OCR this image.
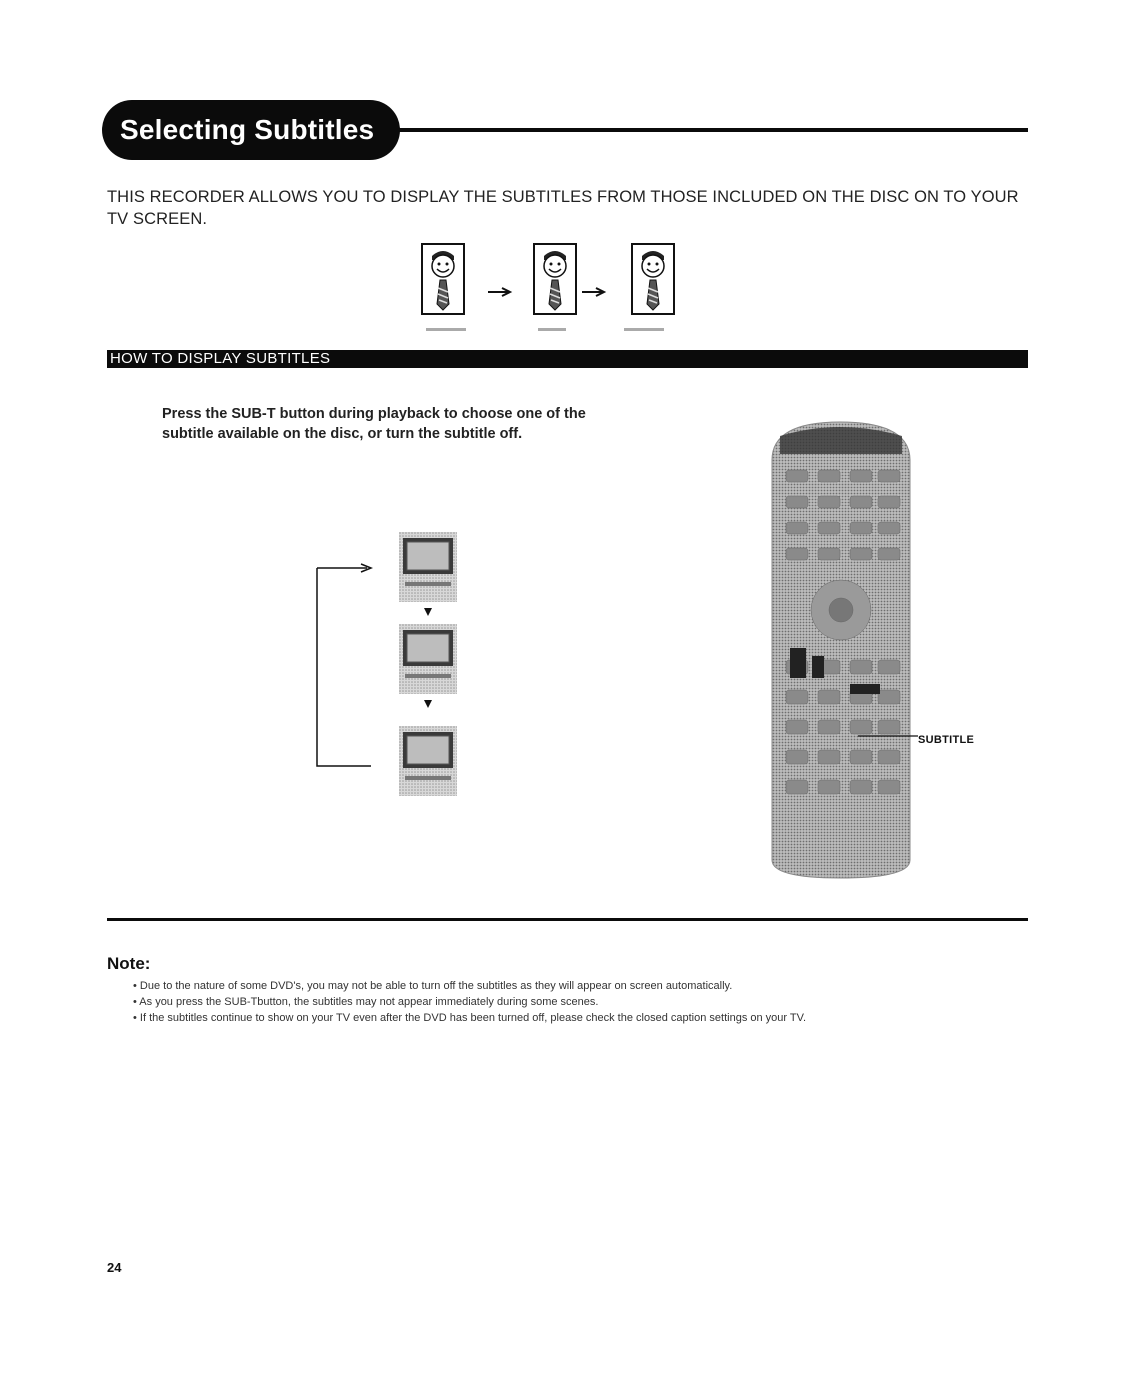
Selecting Subtitles
THIS RECORDER ALLOWS YOU TO DISPLAY THE SUBTITLES FROM THOSE INCLUDED ON THE DISC ON TO YOUR TV SCREEN.
HOW TO DISPLAY SUBTITLES
Press the SUB-T button during playback to choose one of the subtitle available on the disc, or turn the subtitle off.
SUBTITLE
Note:

• Due to the nature of some DVD's, you may not be able to turn off the subtitles as they will appear on screen automatically.

• As you press the SUB-Tbutton, the subtitles may not appear immediately during some scenes.

• If the subtitles continue to show on your TV even after the DVD has been turned off, please check the closed caption settings on your TV.

24
